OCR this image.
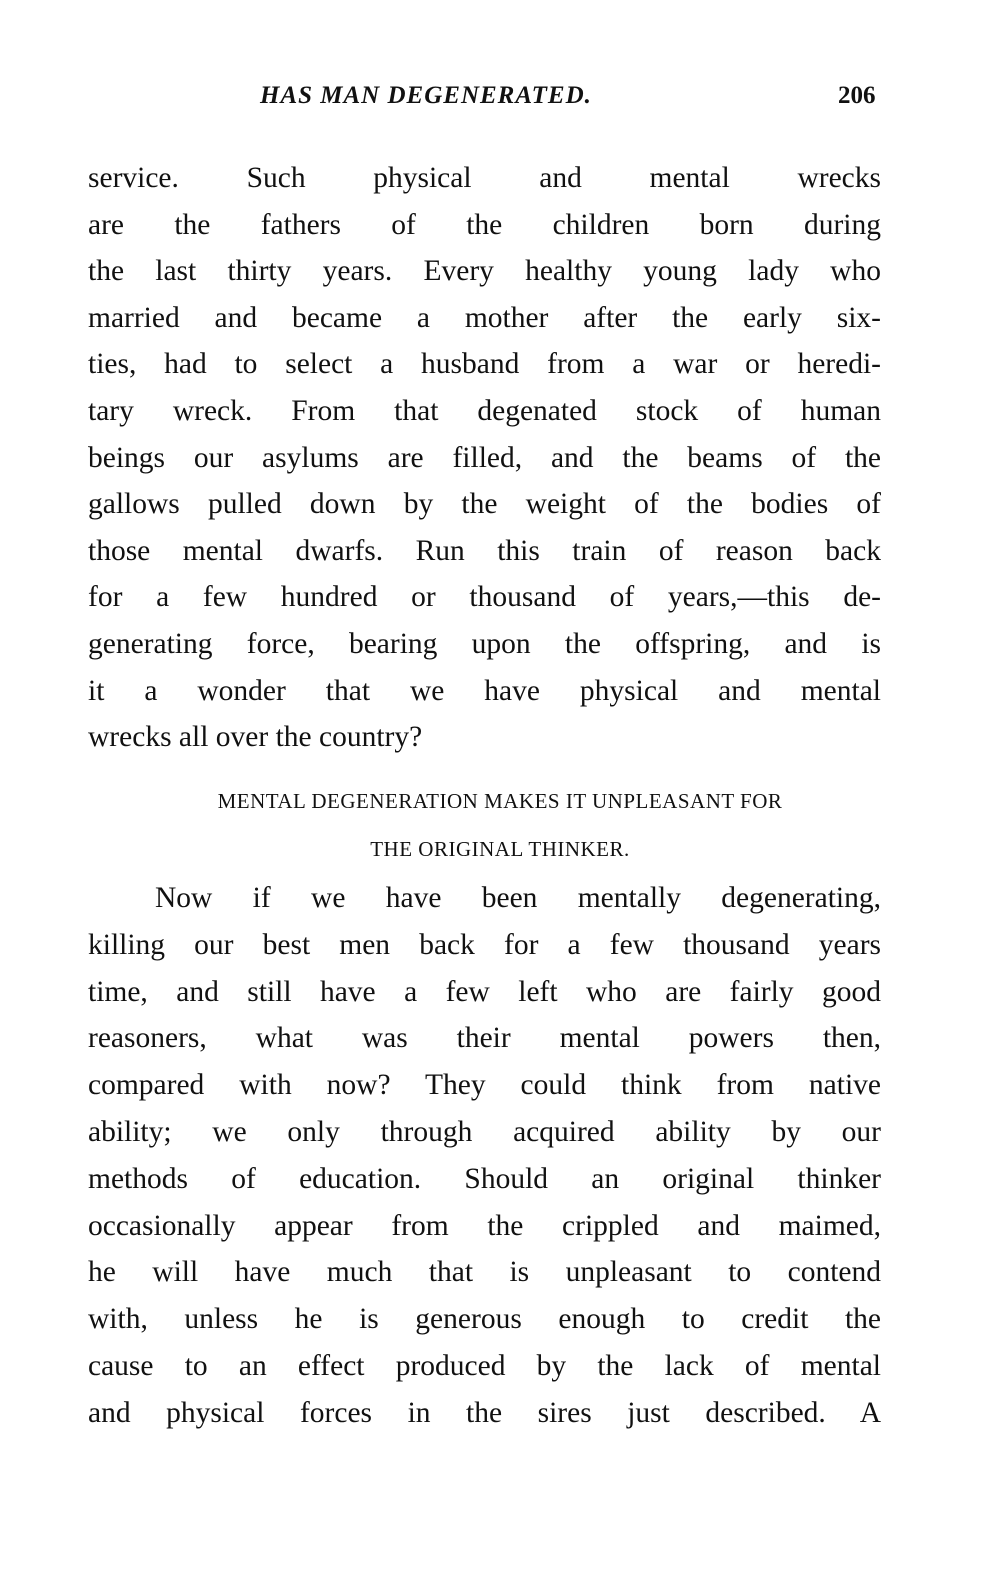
HAS MAN DEGENERATED.	206
service. Such physical and mental wrecks
are the fathers of the children born during
the last thirty years. Every healthy young lady who
married and became a mother after the early six-
ties, had to select a husband from a war or heredi-
tary wreck. From that degenated stock of human
beings our asylums are filled, and the beams of the
gallows pulled down by the weight of the bodies of
those mental dwarfs. Run this train of reason back
for a few hundred or thousand of years,—this de-
generating force, bearing upon the offspring, and is
it a wonder that we have physical and mental
wrecks all over the country?
MENTAL DEGENERATION MAKES IT UNPLEASANT FOR
THE ORIGINAL THINKER.
Now if we have been mentally degenerating,
killing our best men back for a few thousand years
time, and still have a few left who are fairly good
reasoners, what was their mental powers then,
compared with now? They could think from native
ability; we only through acquired ability by our
methods of education. Should an original thinker
occasionally appear from the crippled and maimed,
he will have much that is unpleasant to contend
with, unless he is generous enough to credit the
cause to an effect produced by the lack of mental
and physical forces in the sires just described. A
